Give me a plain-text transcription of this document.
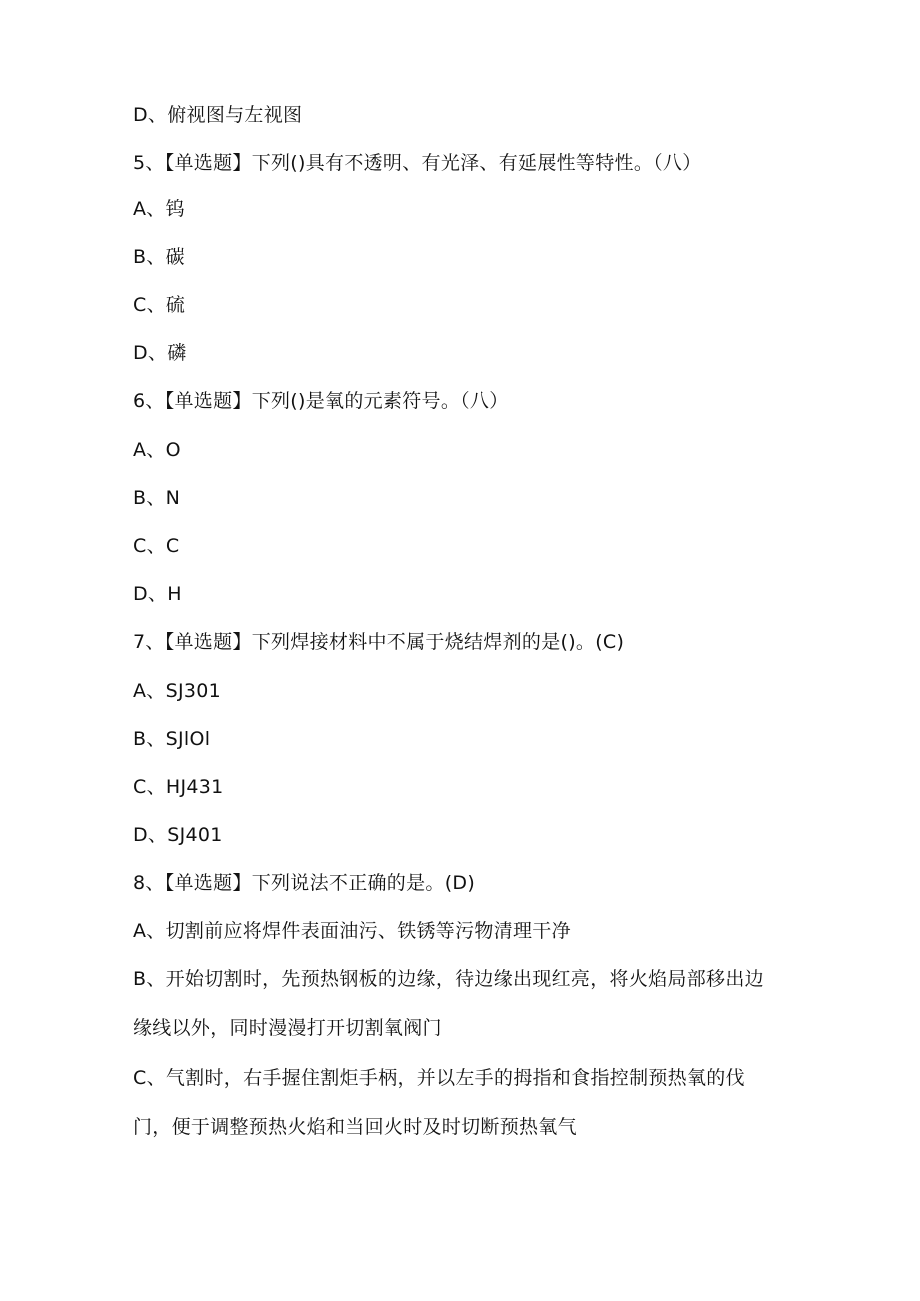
D、俯视图与左视图
5、【单选题】下列()具有不透明、有光泽、有延展性等特性。（八）
A、钨
B、碳
C、硫
D、磷
6、【单选题】下列()是氧的元素符号。（八）
A、O
B、N
C、C
D、H
7、【单选题】下列焊接材料中不属于烧结焊剂的是()。(C)
A、SJ301
B、SJlOl
C、HJ431
D、SJ401
8、【单选题】下列说法不正确的是。(D)
A、切割前应将焊件表面油污、铁锈等污物清理干净
B、开始切割时，先预热钢板的边缘，待边缘出现红亮，将火焰局部移出边
缘线以外，同时漫漫打开切割氧阀门
C、气割时，右手握住割炬手柄，并以左手的拇指和食指控制预热氧的伐
门，便于调整预热火焰和当回火时及时切断预热氧气
